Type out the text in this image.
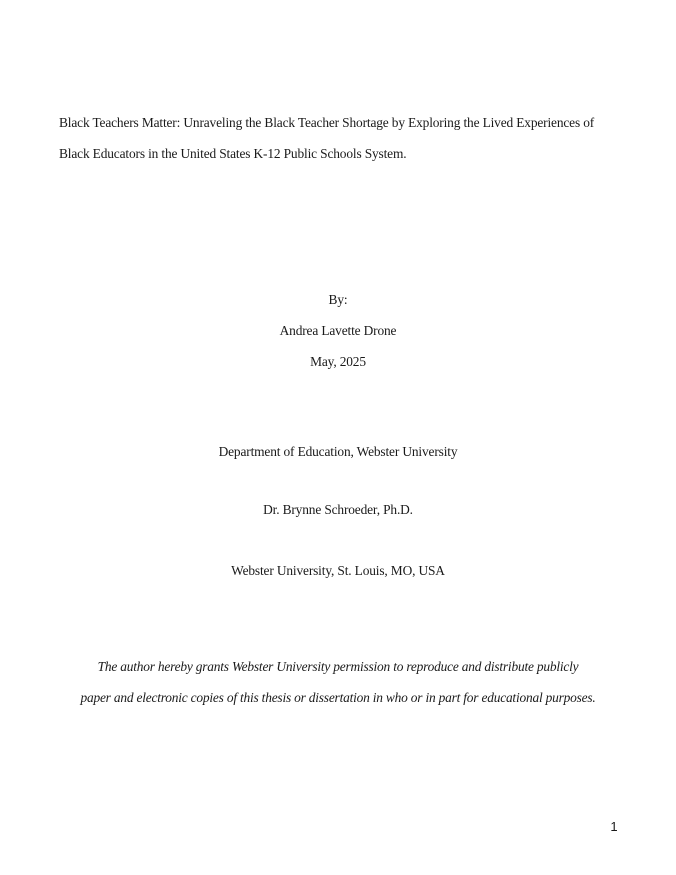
Black Teachers Matter: Unraveling the Black Teacher Shortage by Exploring the Lived Experiences of
Black Educators in the United States K-12 Public Schools System.

By:

Andrea Lavette Drone

May, 2025

Department of Education, Webster University

Dr. Brynne Schroeder, Ph.D.

Webster University, St. Louis, MO, USA

The author hereby grants Webster University permission to reproduce and distribute publicly
paper and electronic copies of this thesis or dissertation in who or in part for educational purposes.

1
